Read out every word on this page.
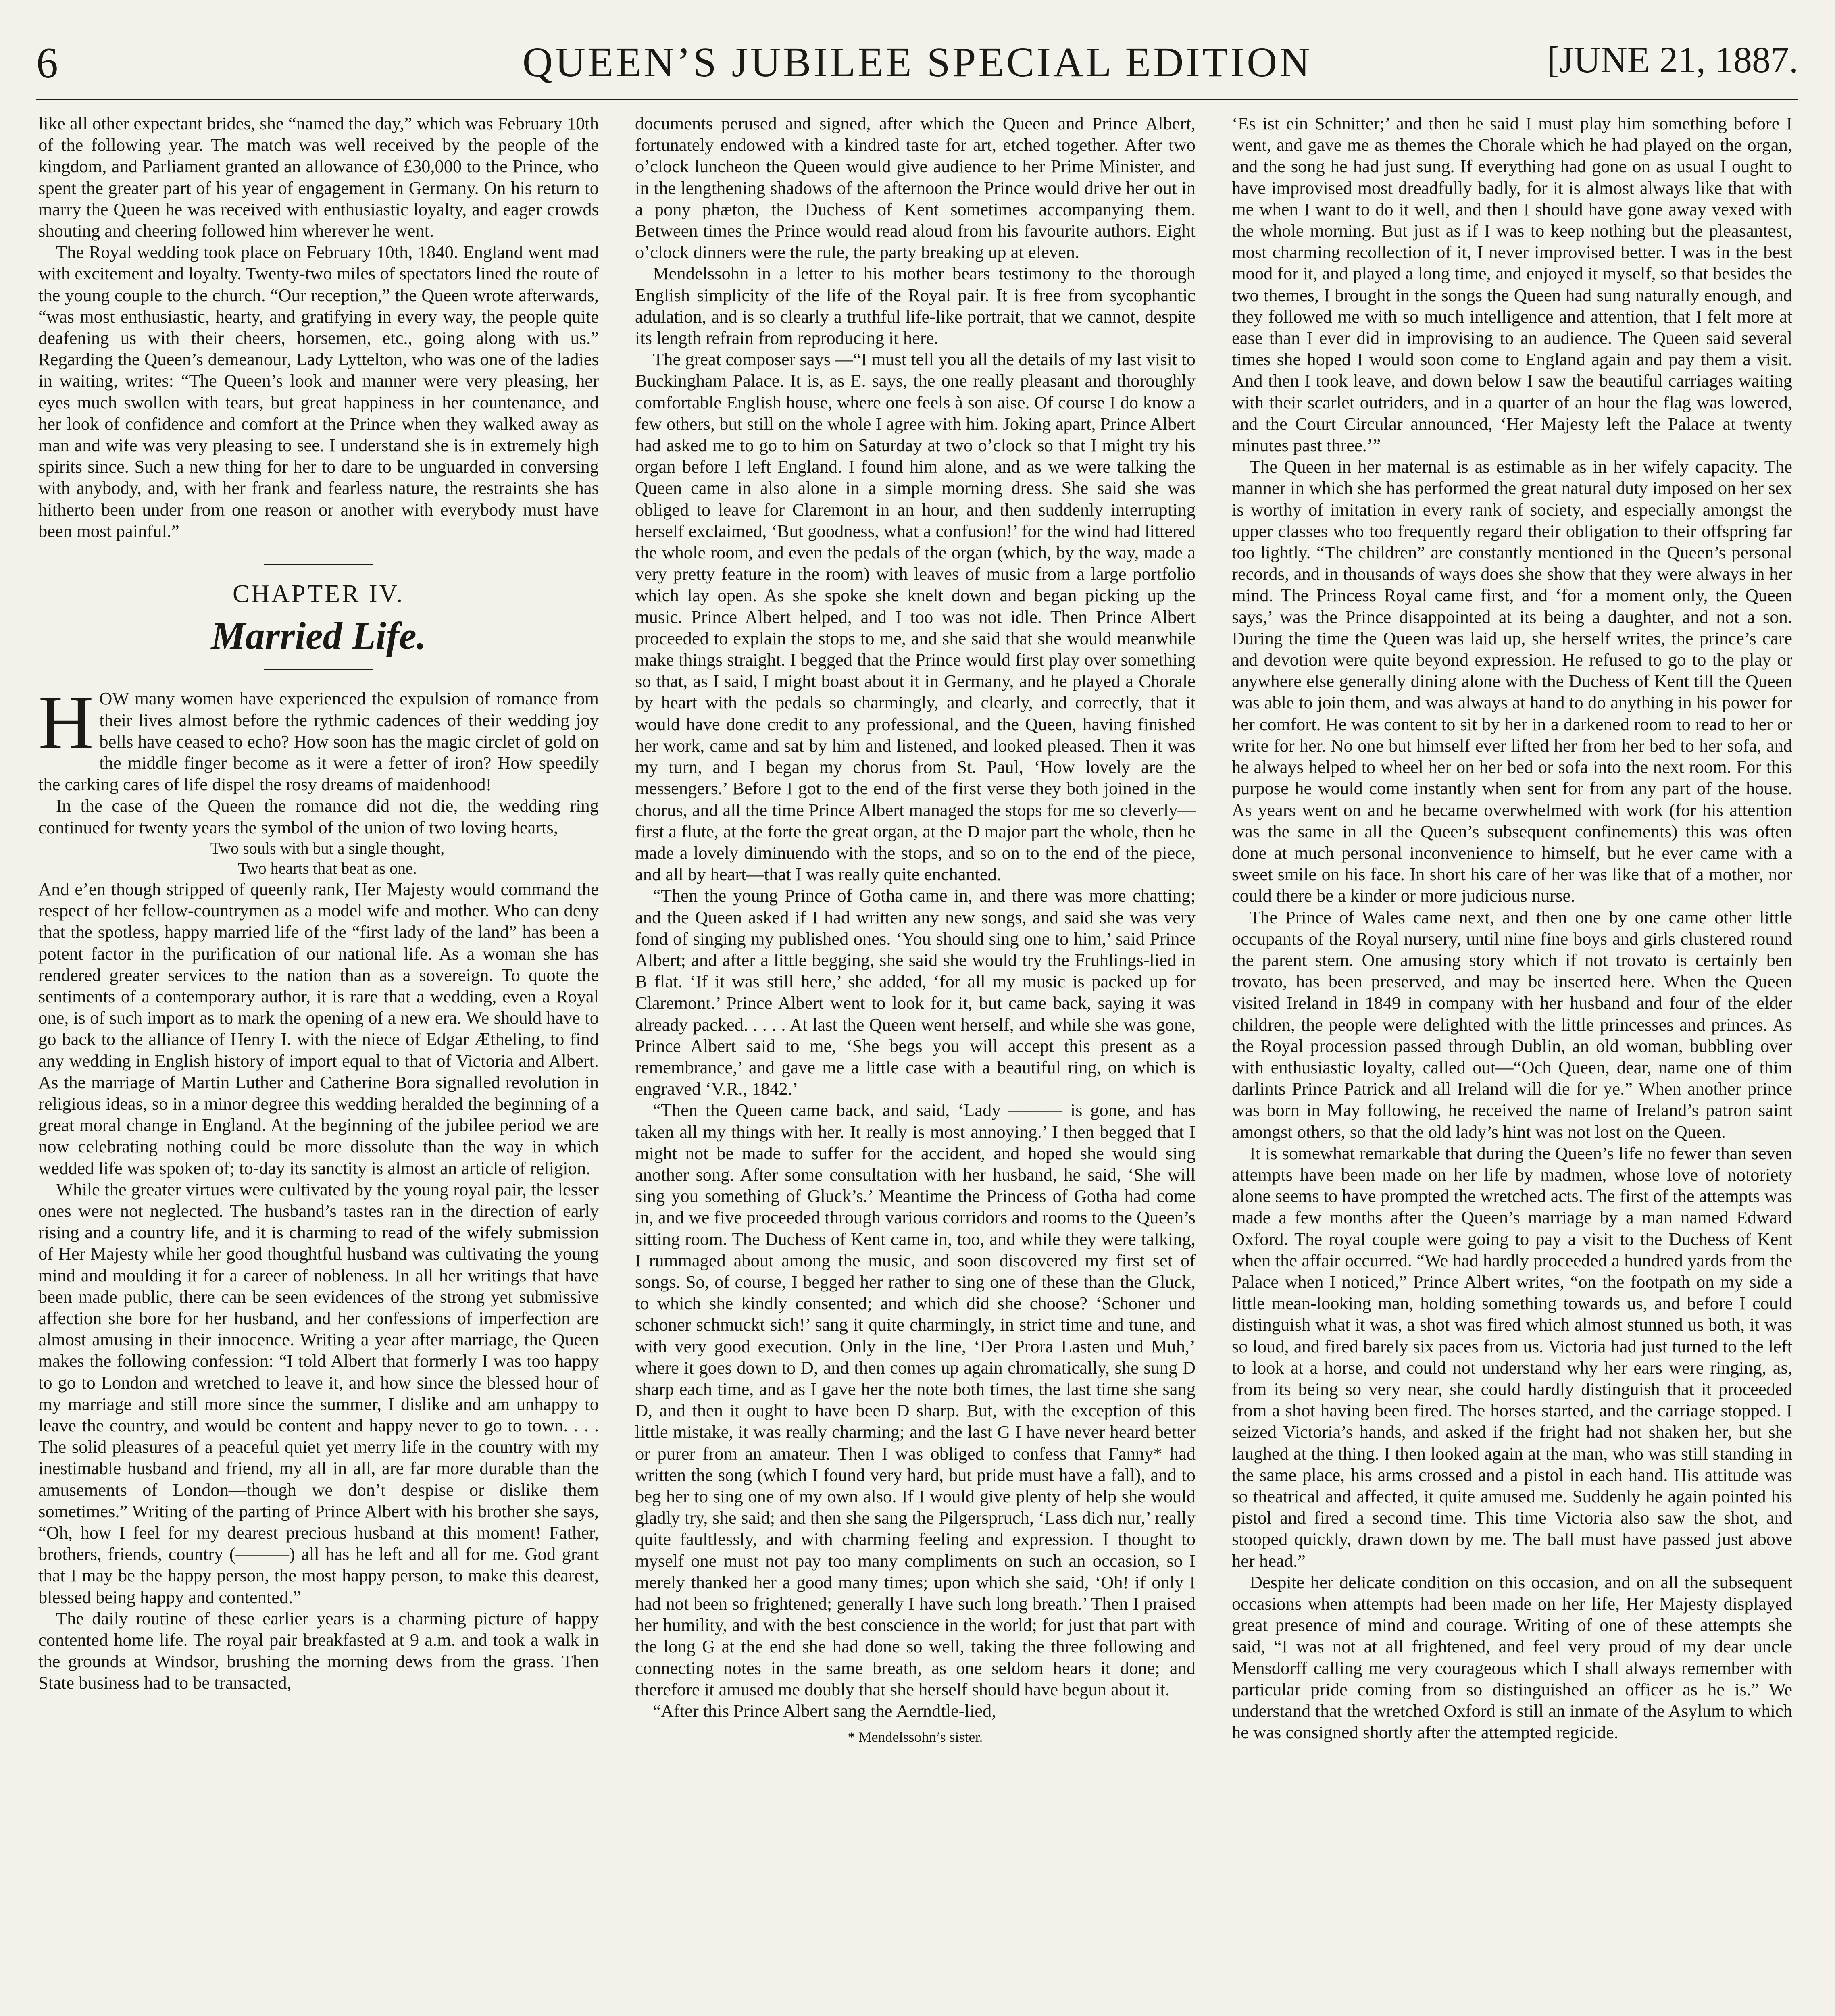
6	QUEEN’S JUBILEE SPECIAL EDITION	[JUNE 21, 1887.

like all other expectant brides, she “named the day,” which was February 10th of the following year. The match was well received by the people of the kingdom, and Parliament granted an allowance of £30,000 to the Prince, who spent the greater part of his year of engagement in Germany. On his return to marry the Queen he was received with enthusiastic loyalty, and eager crowds shouting and cheering followed him wherever he went.

The Royal wedding took place on February 10th, 1840. England went mad with excitement and loyalty. Twenty-two miles of spectators lined the route of the young couple to the church. “Our reception,” the Queen wrote afterwards, “was most enthusiastic, hearty, and gratifying in every way, the people quite deafening us with their cheers, horsemen, etc., going along with us.” Regarding the Queen’s demeanour, Lady Lyttelton, who was one of the ladies in waiting, writes: “The Queen’s look and manner were very pleasing, her eyes much swollen with tears, but great happiness in her countenance, and her look of confidence and comfort at the Prince when they walked away as man and wife was very pleasing to see. I understand she is in extremely high spirits since. Such a new thing for her to dare to be unguarded in conversing with anybody, and, with her frank and fearless nature, the restraints she has hitherto been under from one reason or another with everybody must have been most painful.”

CHAPTER IV.
Married Life.

HOW many women have experienced the expulsion of romance from their lives almost before the rythmic cadences of their wedding joy bells have ceased to echo? How soon has the magic circlet of gold on the middle finger become as it were a fetter of iron? How speedily the carking cares of life dispel the rosy dreams of maidenhood!

In the case of the Queen the romance did not die, the wedding ring continued for twenty years the symbol of the union of two loving hearts,

Two souls with but a single thought,

Two hearts that beat as one.

And e’en though stripped of queenly rank, Her Majesty would command the respect of her fellow-countrymen as a model wife and mother. Who can deny that the spotless, happy married life of the “first lady of the land” has been a potent factor in the purification of our national life. As a woman she has rendered greater services to the nation than as a sovereign. To quote the sentiments of a contemporary author, it is rare that a wedding, even a Royal one, is of such import as to mark the opening of a new era. We should have to go back to the alliance of Henry I. with the niece of Edgar Ætheling, to find any wedding in English history of import equal to that of Victoria and Albert. As the marriage of Martin Luther and Catherine Bora signalled revolution in religious ideas, so in a minor degree this wedding heralded the beginning of a great moral change in England. At the beginning of the jubilee period we are now celebrating nothing could be more dissolute than the way in which wedded life was spoken of; to-day its sanctity is almost an article of religion.

While the greater virtues were cultivated by the young royal pair, the lesser ones were not neglected. The husband’s tastes ran in the direction of early rising and a country life, and it is charming to read of the wifely submission of Her Majesty while her good thoughtful husband was cultivating the young mind and moulding it for a career of nobleness. In all her writings that have been made public, there can be seen evidences of the strong yet submissive affection she bore for her husband, and her confessions of imperfection are almost amusing in their innocence. Writing a year after marriage, the Queen makes the following confession: “I told Albert that formerly I was too happy to go to London and wretched to leave it, and how since the blessed hour of my marriage and still more since the summer, I dislike and am unhappy to leave the country, and would be content and happy never to go to town. . . . The solid pleasures of a peaceful quiet yet merry life in the country with my inestimable husband and friend, my all in all, are far more durable than the amusements of London—though we don’t despise or dislike them sometimes.” Writing of the parting of Prince Albert with his brother she says, “Oh, how I feel for my dearest precious husband at this moment! Father, brothers, friends, country (———) all has he left and all for me. God grant that I may be the happy person, the most happy person, to make this dearest, blessed being happy and contented.”

The daily routine of these earlier years is a charming picture of happy contented home life. The royal pair breakfasted at 9 a.m. and took a walk in the grounds at Windsor, brushing the morning dews from the grass. Then State business had to be transacted,

documents perused and signed, after which the Queen and Prince Albert, fortunately endowed with a kindred taste for art, etched together. After two o’clock luncheon the Queen would give audience to her Prime Minister, and in the lengthening shadows of the afternoon the Prince would drive her out in a pony phæton, the Duchess of Kent sometimes accompanying them. Between times the Prince would read aloud from his favourite authors. Eight o’clock dinners were the rule, the party breaking up at eleven.

Mendelssohn in a letter to his mother bears testimony to the thorough English simplicity of the life of the Royal pair. It is free from sycophantic adulation, and is so clearly a truthful life-like portrait, that we cannot, despite its length refrain from reproducing it here.

The great composer says —“I must tell you all the details of my last visit to Buckingham Palace. It is, as E. says, the one really pleasant and thoroughly comfortable English house, where one feels à son aise. Of course I do know a few others, but still on the whole I agree with him. Joking apart, Prince Albert had asked me to go to him on Saturday at two o’clock so that I might try his organ before I left England. I found him alone, and as we were talking the Queen came in also alone in a simple morning dress. She said she was obliged to leave for Claremont in an hour, and then suddenly interrupting herself exclaimed, ‘But goodness, what a confusion!’ for the wind had littered the whole room, and even the pedals of the organ (which, by the way, made a very pretty feature in the room) with leaves of music from a large portfolio which lay open. As she spoke she knelt down and began picking up the music. Prince Albert helped, and I too was not idle. Then Prince Albert proceeded to explain the stops to me, and she said that she would meanwhile make things straight. I begged that the Prince would first play over something so that, as I said, I might boast about it in Germany, and he played a Chorale by heart with the pedals so charmingly, and clearly, and correctly, that it would have done credit to any professional, and the Queen, having finished her work, came and sat by him and listened, and looked pleased. Then it was my turn, and I began my chorus from St. Paul, ‘How lovely are the messengers.’ Before I got to the end of the first verse they both joined in the chorus, and all the time Prince Albert managed the stops for me so cleverly—first a flute, at the forte the great organ, at the D major part the whole, then he made a lovely diminuendo with the stops, and so on to the end of the piece, and all by heart—that I was really quite enchanted.

“Then the young Prince of Gotha came in, and there was more chatting; and the Queen asked if I had written any new songs, and said she was very fond of singing my published ones. ‘You should sing one to him,’ said Prince Albert; and after a little begging, she said she would try the Fruhlings-lied in B flat. ‘If it was still here,’ she added, ‘for all my music is packed up for Claremont.’ Prince Albert went to look for it, but came back, saying it was already packed. . . . . At last the Queen went herself, and while she was gone, Prince Albert said to me, ‘She begs you will accept this present as a remembrance,’ and gave me a little case with a beautiful ring, on which is engraved ‘V.R., 1842.’

“Then the Queen came back, and said, ‘Lady ——— is gone, and has taken all my things with her. It really is most annoying.’ I then begged that I might not be made to suffer for the accident, and hoped she would sing another song. After some consultation with her husband, he said, ‘She will sing you something of Gluck’s.’ Meantime the Princess of Gotha had come in, and we five proceeded through various corridors and rooms to the Queen’s sitting room. The Duchess of Kent came in, too, and while they were talking, I rummaged about among the music, and soon discovered my first set of songs. So, of course, I begged her rather to sing one of these than the Gluck, to which she kindly consented; and which did she choose? ‘Schoner und schoner schmuckt sich!’ sang it quite charmingly, in strict time and tune, and with very good execution. Only in the line, ‘Der Prora Lasten und Muh,’ where it goes down to D, and then comes up again chromatically, she sung D sharp each time, and as I gave her the note both times, the last time she sang D, and then it ought to have been D sharp. But, with the exception of this little mistake, it was really charming; and the last G I have never heard better or purer from an amateur. Then I was obliged to confess that Fanny* had written the song (which I found very hard, but pride must have a fall), and to beg her to sing one of my own also. If I would give plenty of help she would gladly try, she said; and then she sang the Pilgerspruch, ‘Lass dich nur,’ really quite faultlessly, and with charming feeling and expression. I thought to myself one must not pay too many compliments on such an occasion, so I merely thanked her a good many times; upon which she said, ‘Oh! if only I had not been so frightened; generally I have such long breath.’ Then I praised her humility, and with the best conscience in the world; for just that part with the long G at the end she had done so well, taking the three following and connecting notes in the same breath, as one seldom hears it done; and therefore it amused me doubly that she herself should have begun about it.

“After this Prince Albert sang the Aerndtle-lied,

* Mendelssohn’s sister.

‘Es ist ein Schnitter;’ and then he said I must play him something before I went, and gave me as themes the Chorale which he had played on the organ, and the song he had just sung. If everything had gone on as usual I ought to have improvised most dreadfully badly, for it is almost always like that with me when I want to do it well, and then I should have gone away vexed with the whole morning. But just as if I was to keep nothing but the pleasantest, most charming recollection of it, I never improvised better. I was in the best mood for it, and played a long time, and enjoyed it myself, so that besides the two themes, I brought in the songs the Queen had sung naturally enough, and they followed me with so much intelligence and attention, that I felt more at ease than I ever did in improvising to an audience. The Queen said several times she hoped I would soon come to England again and pay them a visit. And then I took leave, and down below I saw the beautiful carriages waiting with their scarlet outriders, and in a quarter of an hour the flag was lowered, and the Court Circular announced, ‘Her Majesty left the Palace at twenty minutes past three.’”

The Queen in her maternal is as estimable as in her wifely capacity. The manner in which she has performed the great natural duty imposed on her sex is worthy of imitation in every rank of society, and especially amongst the upper classes who too frequently regard their obligation to their offspring far too lightly. “The children” are constantly mentioned in the Queen’s personal records, and in thousands of ways does she show that they were always in her mind. The Princess Royal came first, and ‘for a moment only, the Queen says,’ was the Prince disappointed at its being a daughter, and not a son. During the time the Queen was laid up, she herself writes, the prince’s care and devotion were quite beyond expression. He refused to go to the play or anywhere else generally dining alone with the Duchess of Kent till the Queen was able to join them, and was always at hand to do anything in his power for her comfort. He was content to sit by her in a darkened room to read to her or write for her. No one but himself ever lifted her from her bed to her sofa, and he always helped to wheel her on her bed or sofa into the next room. For this purpose he would come instantly when sent for from any part of the house. As years went on and he became overwhelmed with work (for his attention was the same in all the Queen’s subsequent confinements) this was often done at much personal inconvenience to himself, but he ever came with a sweet smile on his face. In short his care of her was like that of a mother, nor could there be a kinder or more judicious nurse.

The Prince of Wales came next, and then one by one came other little occupants of the Royal nursery, until nine fine boys and girls clustered round the parent stem. One amusing story which if not trovato is certainly ben trovato, has been preserved, and may be inserted here. When the Queen visited Ireland in 1849 in company with her husband and four of the elder children, the people were delighted with the little princesses and princes. As the Royal procession passed through Dublin, an old woman, bubbling over with enthusiastic loyalty, called out—“Och Queen, dear, name one of thim darlints Prince Patrick and all Ireland will die for ye.” When another prince was born in May following, he received the name of Ireland’s patron saint amongst others, so that the old lady’s hint was not lost on the Queen.

It is somewhat remarkable that during the Queen’s life no fewer than seven attempts have been made on her life by madmen, whose love of notoriety alone seems to have prompted the wretched acts. The first of the attempts was made a few months after the Queen’s marriage by a man named Edward Oxford. The royal couple were going to pay a visit to the Duchess of Kent when the affair occurred. “We had hardly proceeded a hundred yards from the Palace when I noticed,” Prince Albert writes, “on the footpath on my side a little mean-looking man, holding something towards us, and before I could distinguish what it was, a shot was fired which almost stunned us both, it was so loud, and fired barely six paces from us. Victoria had just turned to the left to look at a horse, and could not understand why her ears were ringing, as, from its being so very near, she could hardly distinguish that it proceeded from a shot having been fired. The horses started, and the carriage stopped. I seized Victoria’s hands, and asked if the fright had not shaken her, but she laughed at the thing. I then looked again at the man, who was still standing in the same place, his arms crossed and a pistol in each hand. His attitude was so theatrical and affected, it quite amused me. Suddenly he again pointed his pistol and fired a second time. This time Victoria also saw the shot, and stooped quickly, drawn down by me. The ball must have passed just above her head.”

Despite her delicate condition on this occasion, and on all the subsequent occasions when attempts had been made on her life, Her Majesty displayed great presence of mind and courage. Writing of one of these attempts she said, “I was not at all frightened, and feel very proud of my dear uncle Mensdorff calling me very courageous which I shall always remember with particular pride coming from so distinguished an officer as he is.” We understand that the wretched Oxford is still an inmate of the Asylum to which he was consigned shortly after the attempted regicide.
